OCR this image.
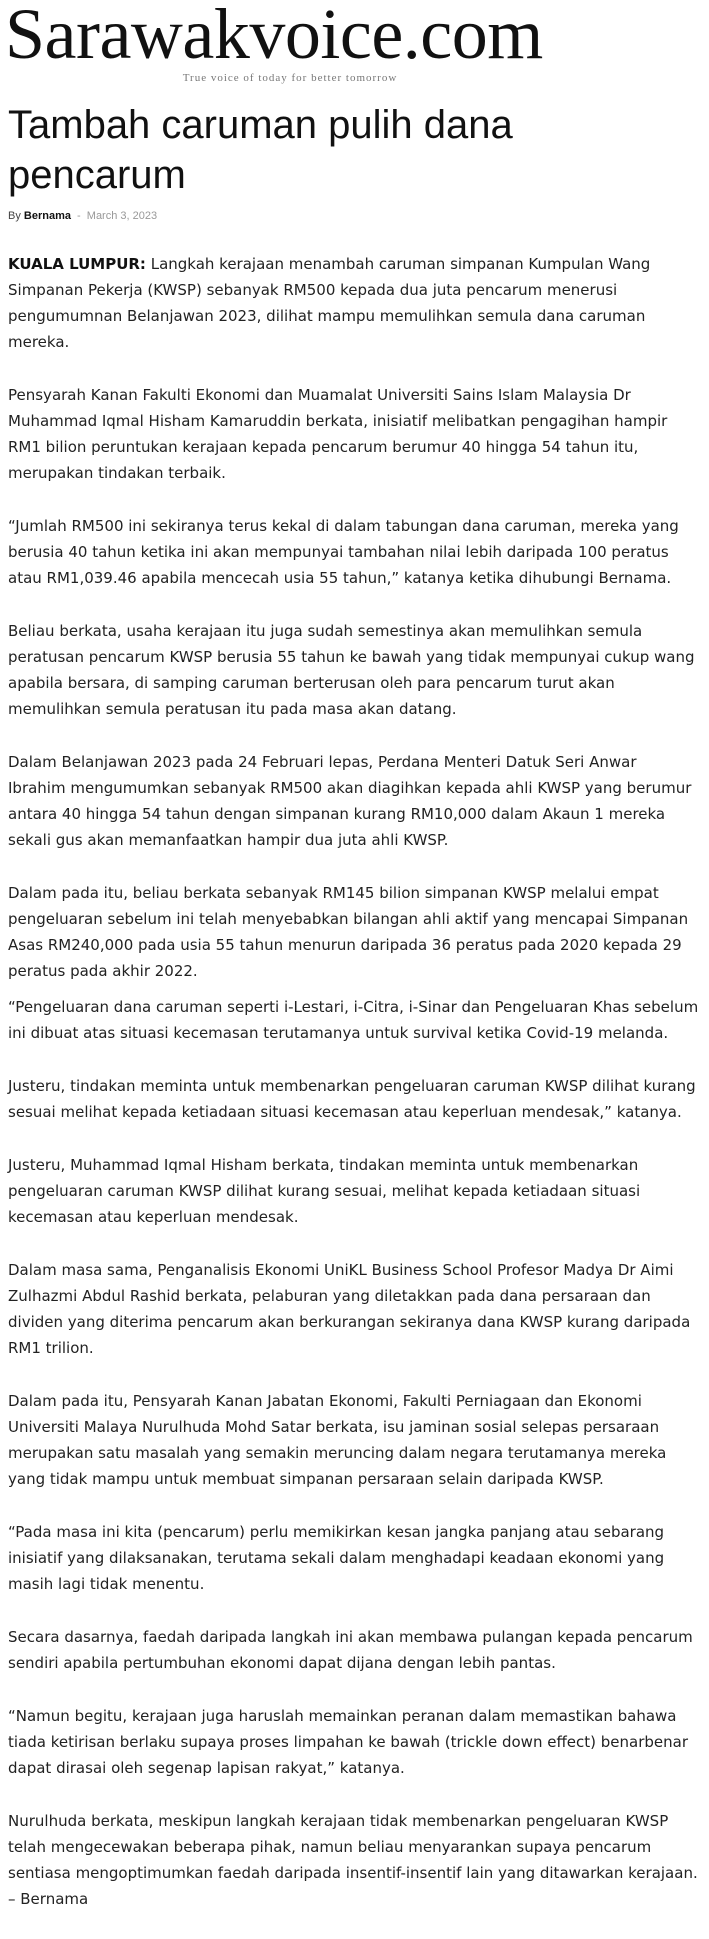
Sarawakvoice.com
True voice of today for better tomorrow
Tambah caruman pulih dana
pencarum
By Bernama - March 3, 2023

KUALA LUMPUR: Langkah kerajaan menambah caruman simpanan Kumpulan Wang
Simpanan Pekerja (KWSP) sebanyak RM500 kepada dua juta pencarum menerusi
pengumumnan Belanjawan 2023, dilihat mampu memulihkan semula dana caruman
mereka.

Pensyarah Kanan Fakulti Ekonomi dan Muamalat Universiti Sains Islam Malaysia Dr
Muhammad Iqmal Hisham Kamaruddin berkata, inisiatif melibatkan pengagihan hampir
RM1 bilion peruntukan kerajaan kepada pencarum berumur 40 hingga 54 tahun itu,
merupakan tindakan terbaik.

“Jumlah RM500 ini sekiranya terus kekal di dalam tabungan dana caruman, mereka yang
berusia 40 tahun ketika ini akan mempunyai tambahan nilai lebih daripada 100 peratus
atau RM1,039.46 apabila mencecah usia 55 tahun,” katanya ketika dihubungi Bernama.

Beliau berkata, usaha kerajaan itu juga sudah semestinya akan memulihkan semula
peratusan pencarum KWSP berusia 55 tahun ke bawah yang tidak mempunyai cukup wang
apabila bersara, di samping caruman berterusan oleh para pencarum turut akan
memulihkan semula peratusan itu pada masa akan datang.

Dalam Belanjawan 2023 pada 24 Februari lepas, Perdana Menteri Datuk Seri Anwar
Ibrahim mengumumkan sebanyak RM500 akan diagihkan kepada ahli KWSP yang berumur
antara 40 hingga 54 tahun dengan simpanan kurang RM10,000 dalam Akaun 1 mereka
sekali gus akan memanfaatkan hampir dua juta ahli KWSP.

Dalam pada itu, beliau berkata sebanyak RM145 bilion simpanan KWSP melalui empat
pengeluaran sebelum ini telah menyebabkan bilangan ahli aktif yang mencapai Simpanan
Asas RM240,000 pada usia 55 tahun menurun daripada 36 peratus pada 2020 kepada 29
peratus pada akhir 2022.

“Pengeluaran dana caruman seperti i-Lestari, i-Citra, i-Sinar dan Pengeluaran Khas sebelum
ini dibuat atas situasi kecemasan terutamanya untuk survival ketika Covid-19 melanda.

Justeru, tindakan meminta untuk membenarkan pengeluaran caruman KWSP dilihat kurang
sesuai melihat kepada ketiadaan situasi kecemasan atau keperluan mendesak,” katanya.

Justeru, Muhammad Iqmal Hisham berkata, tindakan meminta untuk membenarkan
pengeluaran caruman KWSP dilihat kurang sesuai, melihat kepada ketiadaan situasi
kecemasan atau keperluan mendesak.

Dalam masa sama, Penganalisis Ekonomi UniKL Business School Profesor Madya Dr Aimi
Zulhazmi Abdul Rashid berkata, pelaburan yang diletakkan pada dana persaraan dan
dividen yang diterima pencarum akan berkurangan sekiranya dana KWSP kurang daripada
RM1 trilion.

Dalam pada itu, Pensyarah Kanan Jabatan Ekonomi, Fakulti Perniagaan dan Ekonomi
Universiti Malaya Nurulhuda Mohd Satar berkata, isu jaminan sosial selepas persaraan
merupakan satu masalah yang semakin meruncing dalam negara terutamanya mereka
yang tidak mampu untuk membuat simpanan persaraan selain daripada KWSP.

“Pada masa ini kita (pencarum) perlu memikirkan kesan jangka panjang atau sebarang
inisiatif yang dilaksanakan, terutama sekali dalam menghadapi keadaan ekonomi yang
masih lagi tidak menentu.

Secara dasarnya, faedah daripada langkah ini akan membawa pulangan kepada pencarum
sendiri apabila pertumbuhan ekonomi dapat dijana dengan lebih pantas.

“Namun begitu, kerajaan juga haruslah memainkan peranan dalam memastikan bahawa
tiada ketirisan berlaku supaya proses limpahan ke bawah (trickle down effect) benarbenar
dapat dirasai oleh segenap lapisan rakyat,” katanya.

Nurulhuda berkata, meskipun langkah kerajaan tidak membenarkan pengeluaran KWSP
telah mengecewakan beberapa pihak, namun beliau menyarankan supaya pencarum
sentiasa mengoptimumkan faedah daripada insentif-insentif lain yang ditawarkan kerajaan.
– Bernama
